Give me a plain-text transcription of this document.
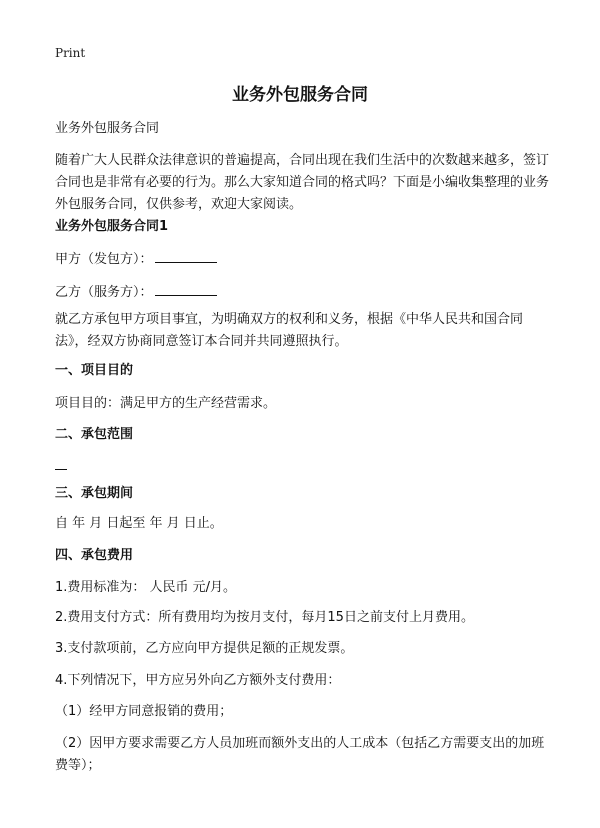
Print
业务外包服务合同
业务外包服务合同
随着广大人民群众法律意识的普遍提高，合同出现在我们生活中的次数越来越多，签订合同也是非常有必要的行为。那么大家知道合同的格式吗？下面是小编收集整理的业务外包服务合同，仅供参考，欢迎大家阅读。
业务外包服务合同1
甲方（发包方）：
乙方（服务方）：
就乙方承包甲方项目事宜，为明确双方的权利和义务，根据《中华人民共和国合同法》，经双方协商同意签订本合同并共同遵照执行。
一、项目目的
项目目的：满足甲方的生产经营需求。
二、承包范围
三、承包期间
自 年 月 日起至 年 月 日止。
四、承包费用
1.费用标准为： 人民币 元/月。
2.费用支付方式：所有费用均为按月支付，每月15日之前支付上月费用。
3.支付款项前，乙方应向甲方提供足额的正规发票。
4.下列情况下，甲方应另外向乙方额外支付费用：
（1）经甲方同意报销的费用；
（2）因甲方要求需要乙方人员加班而额外支出的人工成本（包括乙方需要支出的加班费等）；
